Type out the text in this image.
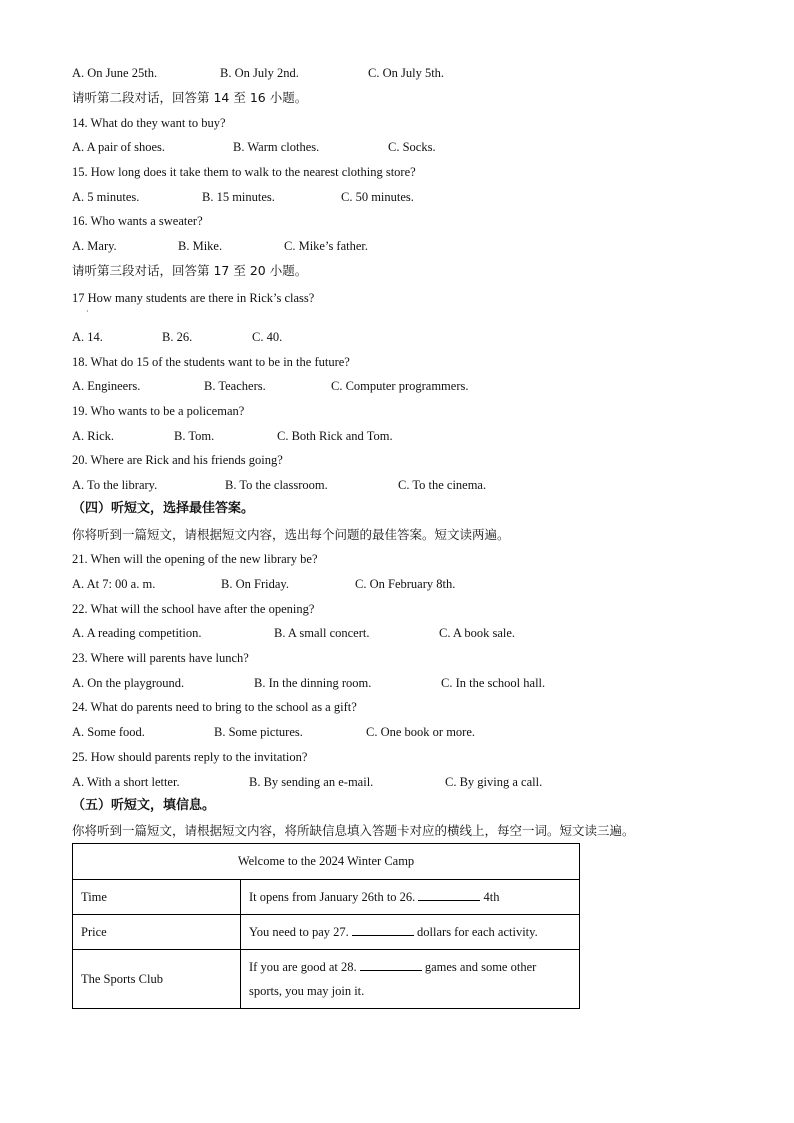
A. On June 25th.	B. On July 2nd.	C. On July 5th.
请听第二段对话，回答第 14 至 16 小题。
14. What do they want to buy?
A. A pair of shoes.	B. Warm clothes.	C. Socks.
15. How long does it take them to walk to the nearest clothing store?
A. 5 minutes.	B. 15 minutes.	C. 50 minutes.
16. Who wants a sweater?
A. Mary.	B. Mike.	C. Mike’s father.
请听第三段对话，回答第 17 至 20 小题。
17 How many students are there in Rick’s class?
·
A. 14.	B. 26.	C. 40.
18. What do 15 of the students want to be in the future?
A. Engineers.	B. Teachers.	C. Computer programmers.
19. Who wants to be a policeman?
A. Rick.	B. Tom.	C. Both Rick and Tom.
20. Where are Rick and his friends going?
A. To the library.	B. To the classroom.	C. To the cinema.
（四）听短文，选择最佳答案。
你将听到一篇短文，请根据短文内容，选出每个问题的最佳答案。短文读两遍。
21. When will the opening of the new library be?
A. At 7: 00 a. m.	B. On Friday.	C. On February 8th.
22. What will the school have after the opening?
A. A reading competition.	B. A small concert.	C. A book sale.
23. Where will parents have lunch?
A. On the playground.	B. In the dinning room.	C. In the school hall.
24. What do parents need to bring to the school as a gift?
A. Some food.	B. Some pictures.	C. One book or more.
25. How should parents reply to the invitation?
A. With a short letter.	B. By sending an e-mail.	C. By giving a call.
（五）听短文，填信息。
你将听到一篇短文，请根据短文内容，将所缺信息填入答题卡对应的横线上，每空一词。短文读三遍。
Welcome to the 2024 Winter Camp	
Time	It opens from January 26th to 26. 4th
Price	You need to pay 27. dollars for each activity.
The Sports Club	If you are good at 28. games and some other sports, you may join it.
